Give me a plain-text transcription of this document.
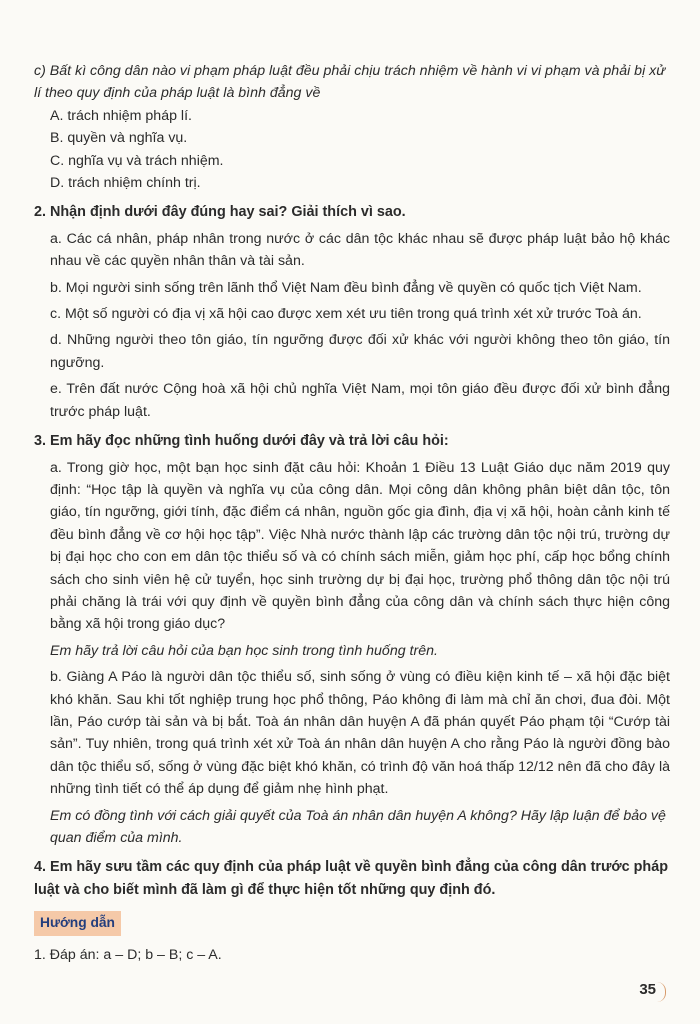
c) Bất kì công dân nào vi phạm pháp luật đều phải chịu trách nhiệm về hành vi vi phạm và phải bị xử lí theo quy định của pháp luật là bình đẳng về

A. trách nhiệm pháp lí.

B. quyền và nghĩa vụ.

C. nghĩa vụ và trách nhiệm.

D. trách nhiệm chính trị.

2. Nhận định dưới đây đúng hay sai? Giải thích vì sao.

a. Các cá nhân, pháp nhân trong nước ở các dân tộc khác nhau sẽ được pháp luật bảo hộ khác nhau về các quyền nhân thân và tài sản.

b. Mọi người sinh sống trên lãnh thổ Việt Nam đều bình đẳng về quyền có quốc tịch Việt Nam.

c. Một số người có địa vị xã hội cao được xem xét ưu tiên trong quá trình xét xử trước Toà án.

d. Những người theo tôn giáo, tín ngưỡng được đối xử khác với người không theo tôn giáo, tín ngưỡng.

e. Trên đất nước Cộng hoà xã hội chủ nghĩa Việt Nam, mọi tôn giáo đều được đối xử bình đẳng trước pháp luật.

3. Em hãy đọc những tình huống dưới đây và trả lời câu hỏi:

a. Trong giờ học, một bạn học sinh đặt câu hỏi: Khoản 1 Điều 13 Luật Giáo dục năm 2019 quy định: “Học tập là quyền và nghĩa vụ của công dân. Mọi công dân không phân biệt dân tộc, tôn giáo, tín ngưỡng, giới tính, đặc điểm cá nhân, nguồn gốc gia đình, địa vị xã hội, hoàn cảnh kinh tế đều bình đẳng về cơ hội học tập”. Việc Nhà nước thành lập các trường dân tộc nội trú, trường dự bị đại học cho con em dân tộc thiểu số và có chính sách miễn, giảm học phí, cấp học bổng chính sách cho sinh viên hệ cử tuyển, học sinh trường dự bị đại học, trường phổ thông dân tộc nội trú phải chăng là trái với quy định về quyền bình đẳng của công dân và chính sách thực hiện công bằng xã hội trong giáo dục?

Em hãy trả lời câu hỏi của bạn học sinh trong tình huống trên.

b. Giàng A Páo là người dân tộc thiểu số, sinh sống ở vùng có điều kiện kinh tế – xã hội đặc biệt khó khăn. Sau khi tốt nghiệp trung học phổ thông, Páo không đi làm mà chỉ ăn chơi, đua đòi. Một lần, Páo cướp tài sản và bị bắt. Toà án nhân dân huyện A đã phán quyết Páo phạm tội “Cướp tài sản”. Tuy nhiên, trong quá trình xét xử Toà án nhân dân huyện A cho rằng Páo là người đồng bào dân tộc thiểu số, sống ở vùng đặc biệt khó khăn, có trình độ văn hoá thấp 12/12 nên đã cho đây là những tình tiết có thể áp dụng để giảm nhẹ hình phạt.

Em có đồng tình với cách giải quyết của Toà án nhân dân huyện A không? Hãy lập luận để bảo vệ quan điểm của mình.

4. Em hãy sưu tầm các quy định của pháp luật về quyền bình đẳng của công dân trước pháp luật và cho biết mình đã làm gì để thực hiện tốt những quy định đó.

Hướng dẫn

1. Đáp án: a – D; b – B; c – A.

35
